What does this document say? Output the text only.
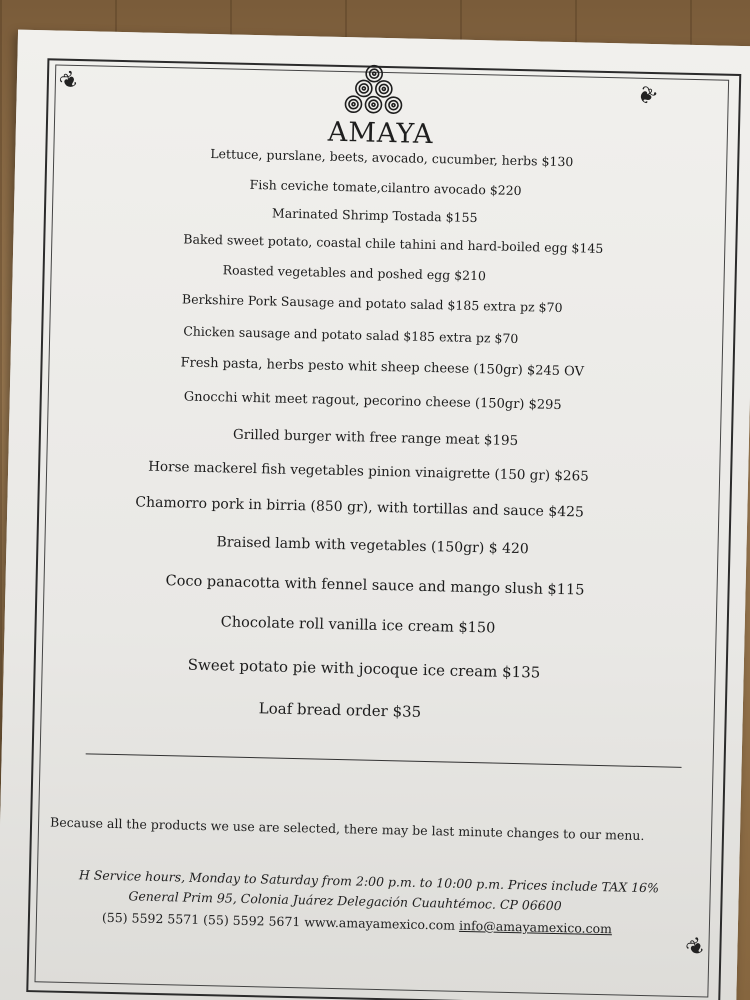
❦	❦
❦
AMAYA
Lettuce, purslane, beets, avocado, cucumber, herbs $130
Fish ceviche tomate,cilantro avocado $220
Marinated Shrimp Tostada $155
Baked sweet potato, coastal chile tahini and hard-boiled egg $145
Roasted vegetables and poshed egg $210
Berkshire Pork Sausage and potato salad $185 extra pz $70
Chicken sausage and potato salad $185 extra pz $70
Fresh pasta, herbs pesto whit sheep cheese (150gr) $245 OV
Gnocchi whit meet ragout, pecorino cheese (150gr) $295
Grilled burger with free range meat $195
Horse mackerel fish vegetables pinion vinaigrette (150 gr) $265
Chamorro pork in birria (850 gr), with tortillas and sauce $425
Braised lamb with vegetables (150gr) $ 420
Coco panacotta with fennel sauce and mango slush $115
Chocolate roll vanilla ice cream $150
Sweet potato pie with jocoque ice cream $135
Loaf bread order $35
Because all the products we use are selected, there may be last minute changes to our menu.
H Service hours, Monday to Saturday from 2:00 p.m. to 10:00 p.m. Prices include TAX 16%
General Prim 95, Colonia Juárez Delegación Cuauhtémoc. CP 06600
(55) 5592 5571 (55) 5592 5671 www.amayamexico.com info@amayamexico.com
